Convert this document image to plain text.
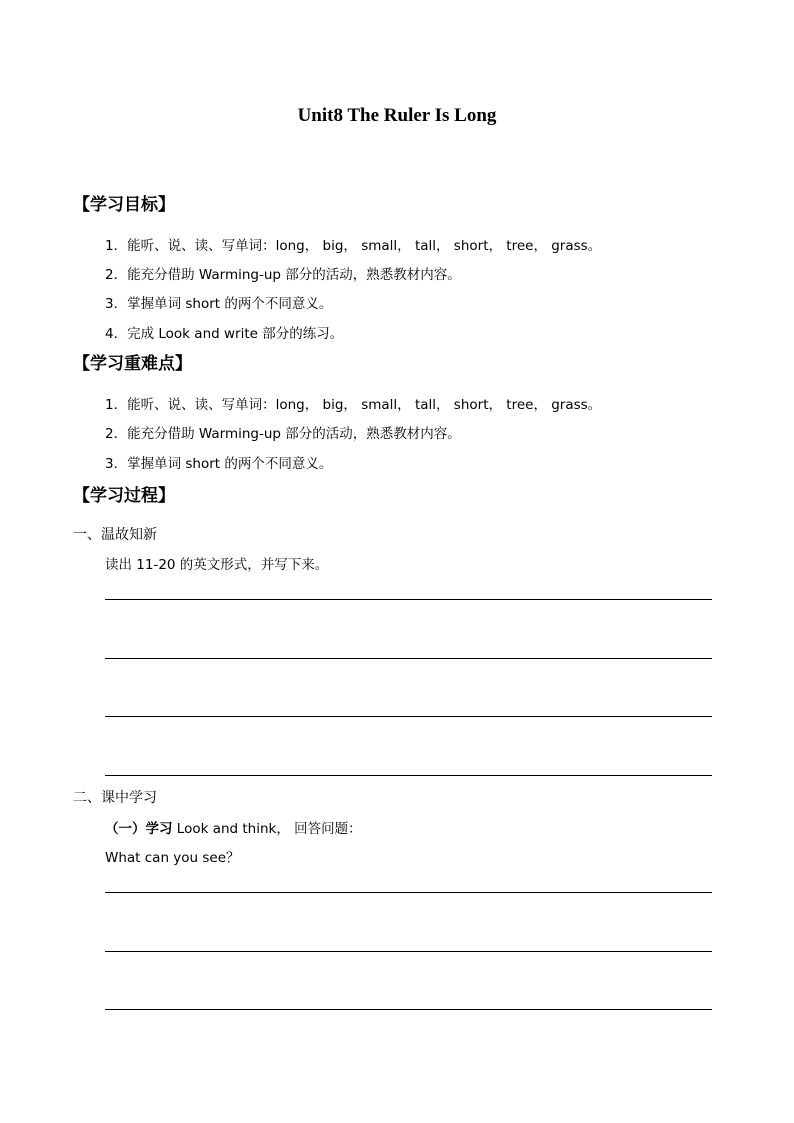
Unit8 The Ruler Is Long
【学习目标】
1．能听、说、读、写单词：long， big， small， tall， short， tree， grass。
2．能充分借助 Warming-up 部分的活动，熟悉教材内容。
3．掌握单词 short 的两个不同意义。
4．完成 Look and write 部分的练习。
【学习重难点】
1．能听、说、读、写单词：long， big， small， tall， short， tree， grass。
2．能充分借助 Warming-up 部分的活动，熟悉教材内容。
3．掌握单词 short 的两个不同意义。
【学习过程】
一、温故知新
读出 11-20 的英文形式，并写下来。
二、课中学习
（一）学习 Look and think， 回答问题：
What can you see？
